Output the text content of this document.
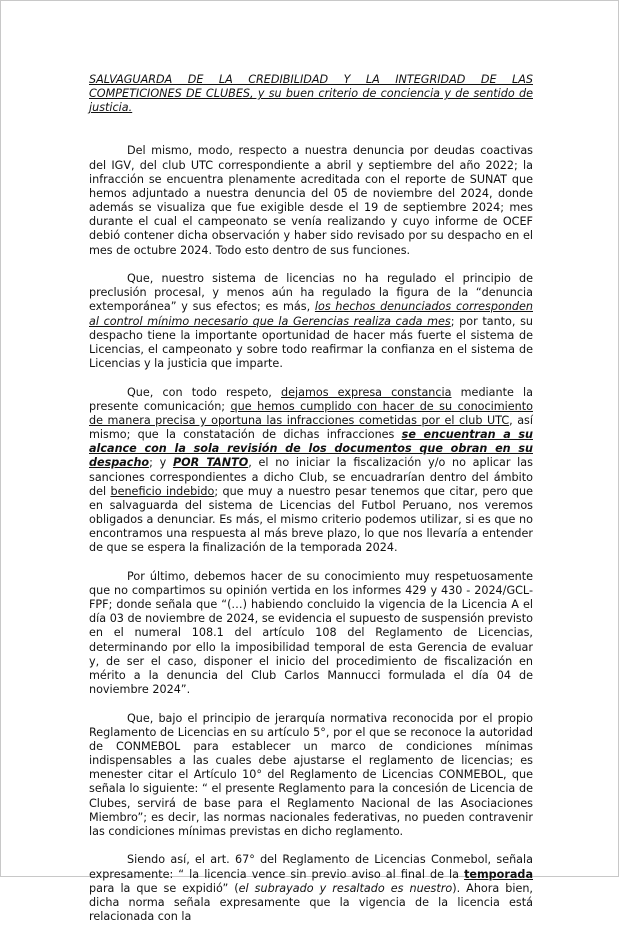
SALVAGUARDA DE LA CREDIBILIDAD Y LA INTEGRIDAD DE LAS COMPETICIONES DE CLUBES, y su buen criterio de conciencia y de sentido de justicia.

Del mismo, modo, respecto a nuestra denuncia por deudas coactivas del IGV, del club UTC correspondiente a abril y septiembre del año 2022; la infracción se encuentra plenamente acreditada con el reporte de SUNAT que hemos adjuntado a nuestra denuncia del 05 de noviembre del 2024, donde además se visualiza que fue exigible desde el 19 de septiembre 2024; mes durante el cual el campeonato se venía realizando y cuyo informe de OCEF debió contener dicha observación y haber sido revisado por su despacho en el mes de octubre 2024. Todo esto dentro de sus funciones.

Que, nuestro sistema de licencias no ha regulado el principio de preclusión procesal, y menos aún ha regulado la figura de la “denuncia extemporánea” y sus efectos; es más, los hechos denunciados corresponden al control mínimo necesario que la Gerencias realiza cada mes; por tanto, su despacho tiene la importante oportunidad de hacer más fuerte el sistema de Licencias, el campeonato y sobre todo reafirmar la confianza en el sistema de Licencias y la justicia que imparte.

Que, con todo respeto, dejamos expresa constancia mediante la presente comunicación; que hemos cumplido con hacer de su conocimiento de manera precisa y oportuna las infracciones cometidas por el club UTC, así mismo; que la constatación de dichas infracciones se encuentran a su alcance con la sola revisión de los documentos que obran en su despacho; y POR TANTO, el no iniciar la fiscalización y/o no aplicar las sanciones correspondientes a dicho Club, se encuadrarían dentro del ámbito del beneficio indebido; que muy a nuestro pesar tenemos que citar, pero que en salvaguarda del sistema de Licencias del Futbol Peruano, nos veremos obligados a denunciar. Es más, el mismo criterio podemos utilizar, si es que no encontramos una respuesta al más breve plazo, lo que nos llevaría a entender de que se espera la finalización de la temporada 2024.

Por último, debemos hacer de su conocimiento muy respetuosamente que no compartimos su opinión vertida en los informes 429 y 430 - 2024/GCL-FPF; donde señala que “(…) habiendo concluido la vigencia de la Licencia A el día 03 de noviembre de 2024, se evidencia el supuesto de suspensión previsto en el numeral 108.1 del artículo 108 del Reglamento de Licencias, determinando por ello la imposibilidad temporal de esta Gerencia de evaluar y, de ser el caso, disponer el inicio del procedimiento de fiscalización en mérito a la denuncia del Club Carlos Mannucci formulada el día 04 de noviembre 2024”.

Que, bajo el principio de jerarquía normativa reconocida por el propio Reglamento de Licencias en su artículo 5°, por el que se reconoce la autoridad de CONMEBOL para establecer un marco de condiciones mínimas indispensables a las cuales debe ajustarse el reglamento de licencias; es menester citar el Artículo 10° del Reglamento de Licencias CONMEBOL, que señala lo siguiente: “ el presente Reglamento para la concesión de Licencia de Clubes, servirá de base para el Reglamento Nacional de las Asociaciones Miembro”; es decir, las normas nacionales federativas, no pueden contravenir las condiciones mínimas previstas en dicho reglamento.

Siendo así, el art. 67° del Reglamento de Licencias Conmebol, señala expresamente: “ la licencia vence sin previo aviso al final de la temporada para la que se expidió” (el subrayado y resaltado es nuestro). Ahora bien, dicha norma señala expresamente que la vigencia de la licencia está relacionada con la
